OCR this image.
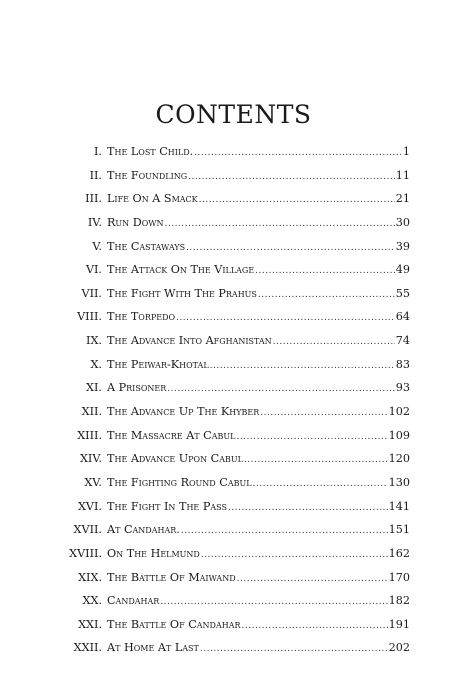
CONTENTS
I. The Lost Child. .....	1
II. The Foundling .....	11
III. Life On A Smack .....	21
IV. Run Down .....	30
V. The Castaways .....	39
VI. The Attack On The Village .....	49
VII. The Fight With The Prahus .....	55
VIII. The Torpedo .....	64
IX. The Advance Into Afghanistan .....	74
X. The Peiwar-Khotal .....	83
XI. A Prisoner .....	93
XII. The Advance Up The Khyber .....	102
XIII. The Massacre At Cabul .....	109
XIV. The Advance Upon Cabul .....	120
XV. The Fighting Round Cabul .....	130
XVI. The Fight In The Pass .....	141
XVII. At Candahar. .....	151
XVIII. On The Helmund .....	162
XIX. The Battle Of Maiwand .....	170
XX. Candahar .....	182
XXI. The Battle Of Candahar .....	191
XXII. At Home At Last .....	202
